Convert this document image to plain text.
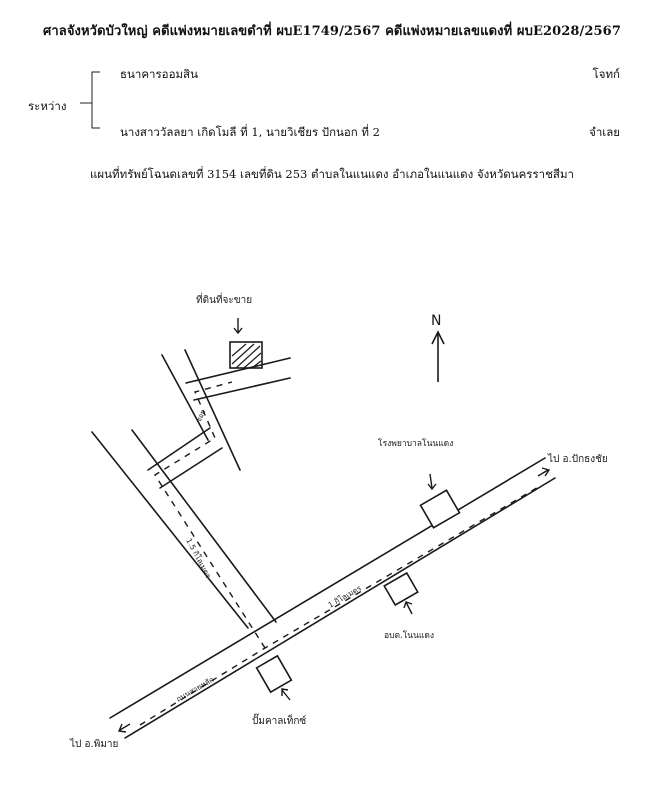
ศาลจังหวัดบัวใหญ่ คดีแพ่งหมายเลขดำที่ ผบE1749/2567 คดีแพ่งหมายเลขแดงที่ ผบE2028/2567
ธนาคารออมสิน	โจทก์
ระหว่าง
นางสาววัลลยา เกิดโมลี ที่ 1, นายวิเชียร ปักนอก ที่ 2	จำเลย
แผนที่ทรัพย์โฉนดเลขที่ 3154 เลขที่ดิน 253 ตำบลในแนแดง อำเภอในแนแดง จังหวัดนครราชสีมา
N
ที่ดินที่จะขาย
ซอย
1.5 กิโลเมตร
1 กิโลเมตร
โรงพยาบาลโนนแดง
อบต.โนนแดง
ปั๊มคาลเท็กซ์
ถนนสายหลัก
ไป อ.ปักธงชัย
ไป อ.พิมาย
